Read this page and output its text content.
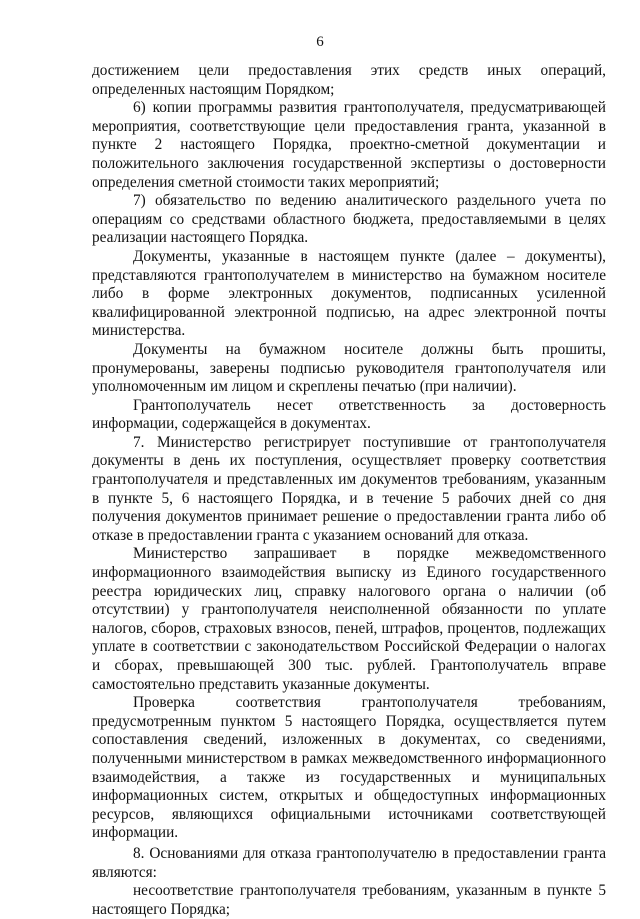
6

достижением цели предоставления этих средств иных операций, определенных настоящим Порядком;

6) копии программы развития грантополучателя, предусматривающей мероприятия, соответствующие цели предоставления гранта, указанной в пункте 2 настоящего Порядка, проектно-сметной документации и положительного заключения государственной экспертизы о достоверности определения сметной стоимости таких мероприятий;

7) обязательство по ведению аналитического раздельного учета по операциям со средствами областного бюджета, предоставляемыми в целях реализации настоящего Порядка.

Документы, указанные в настоящем пункте (далее – документы), представляются грантополучателем в министерство на бумажном носителе либо в форме электронных документов, подписанных усиленной квалифицированной электронной подписью, на адрес электронной почты министерства.

Документы на бумажном носителе должны быть прошиты, пронумерованы, заверены подписью руководителя грантополучателя или уполномоченным им лицом и скреплены печатью (при наличии).

Грантополучатель несет ответственность за достоверность информации, содержащейся в документах.

7. Министерство регистрирует поступившие от грантополучателя документы в день их поступления, осуществляет проверку соответствия грантополучателя и представленных им документов требованиям, указанным в пункте 5, 6 настоящего Порядка, и в течение 5 рабочих дней со дня получения документов принимает решение о предоставлении гранта либо об отказе в предоставлении гранта с указанием оснований для отказа.

Министерство запрашивает в порядке межведомственного информационного взаимодействия выписку из Единого государственного реестра юридических лиц, справку налогового органа о наличии (об отсутствии) у грантополучателя неисполненной обязанности по уплате налогов, сборов, страховых взносов, пеней, штрафов, процентов, подлежащих уплате в соответствии с законодательством Российской Федерации о налогах и сборах, превышающей 300 тыс. рублей. Грантополучатель вправе самостоятельно представить указанные документы.

Проверка соответствия грантополучателя требованиям, предусмотренным пунктом 5 настоящего Порядка, осуществляется путем сопоставления сведений, изложенных в документах, со сведениями, полученными министерством в рамках межведомственного информационного взаимодействия, а также из государственных и муниципальных информационных систем, открытых и общедоступных информационных ресурсов, являющихся официальными источниками соответствующей информации.

8. Основаниями для отказа грантополучателю в предоставлении гранта являются:

несоответствие грантополучателя требованиям, указанным в пункте 5 настоящего Порядка;
